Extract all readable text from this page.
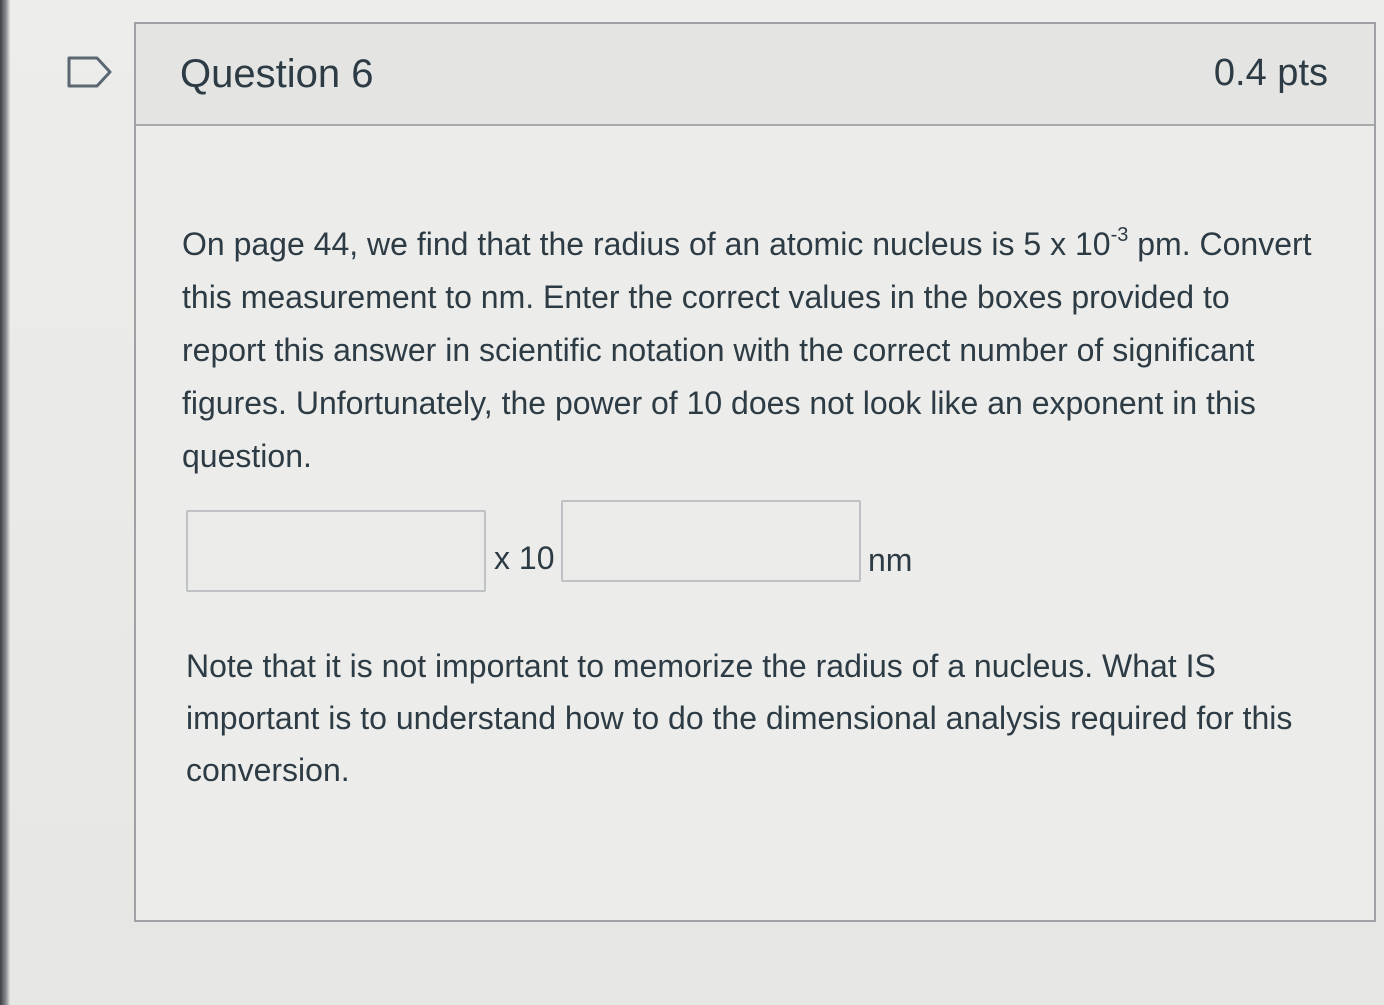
Question 6	0.4 pts
On page 44, we find that the radius of an atomic nucleus is 5 x $10^{-3}$ pm. Convert this measurement to nm. Enter the correct values in the boxes provided to report this answer in scientific notation with the correct number of significant figures. Unfortunately, the power of 10 does not look like an exponent in this question.
x 10	nm
Note that it is not important to memorize the radius of a nucleus. What IS important is to understand how to do the dimensional analysis required for this conversion.
